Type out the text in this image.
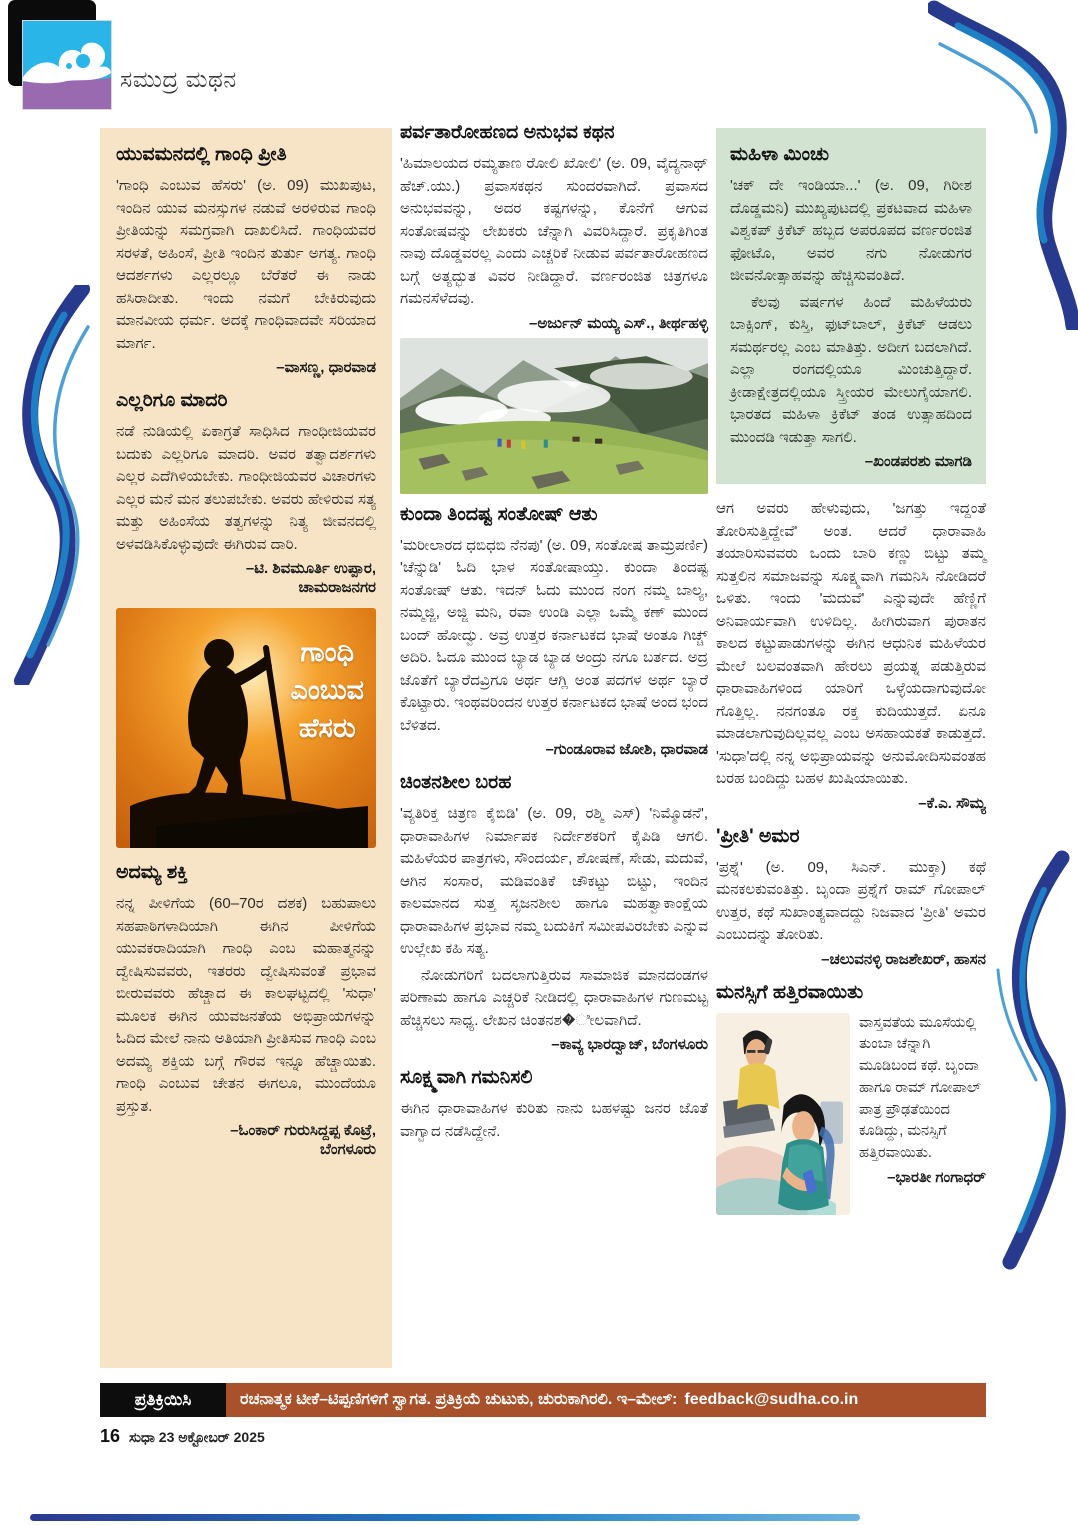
ಸಮುದ್ರ ಮಥನ
ಯುವಮನದಲ್ಲಿ ಗಾಂಧಿ ಪ್ರೀತಿ

'ಗಾಂಧಿ ಎಂಬುವ ಹೆಸರು' (ಅ. 09) ಮುಖಪುಟ, ಇಂದಿನ ಯುವ ಮನಸ್ಸುಗಳ ನಡುವೆ ಅರಳಿರುವ ಗಾಂಧಿ ಪ್ರೀತಿಯನ್ನು ಸಮಗ್ರವಾಗಿ ದಾಖಲಿಸಿದೆ. ಗಾಂಧಿಯವರ ಸರಳತೆ, ಅಹಿಂಸೆ, ಪ್ರೀತಿ ಇಂದಿನ ತುರ್ತು ಅಗತ್ಯ. ಗಾಂಧಿ ಆದರ್ಶಗಳು ಎಲ್ಲರಲ್ಲೂ ಬೆರೆತರೆ ಈ ನಾಡು ಹಸಿರಾದೀತು. ಇಂದು ನಮಗೆ ಬೇಕಿರುವುದು ಮಾನವೀಯ ಧರ್ಮ. ಅದಕ್ಕೆ ಗಾಂಧಿವಾದವೇ ಸರಿಯಾದ ಮಾರ್ಗ.

–ವಾಸಣ್ಣ, ಧಾರವಾಡ
ಎಲ್ಲರಿಗೂ ಮಾದರಿ

ನಡೆ ನುಡಿಯಲ್ಲಿ ಏಕಾಗ್ರತೆ ಸಾಧಿಸಿದ ಗಾಂಧೀಜಿಯವರ ಬದುಕು ಎಲ್ಲರಿಗೂ ಮಾದರಿ. ಅವರ ತತ್ವಾದರ್ಶಗಳು ಎಲ್ಲರ ಎದೆಗಿಳಿಯಬೇಕು. ಗಾಂಧೀಜಿಯವರ ವಿಚಾರಗಳು ಎಲ್ಲರ ಮನೆ ಮನ ತಲುಪಬೇಕು. ಅವರು ಹೇಳಿರುವ ಸತ್ಯ ಮತ್ತು ಅಹಿಂಸೆಯ ತತ್ವಗಳನ್ನು ನಿತ್ಯ ಜೀವನದಲ್ಲಿ ಅಳವಡಿಸಿಕೊಳ್ಳುವುದೇ ಈಗಿರುವ ದಾರಿ.

–ಟಿ. ಶಿವಮೂರ್ತಿ ಉಪ್ಪಾರ,
ಚಾಮರಾಜನಗರ
ಗಾಂಧಿ
ಎಂಬುವ
ಹೆಸರು
ಅದಮ್ಯ ಶಕ್ತಿ

ನನ್ನ ಪೀಳಿಗೆಯ (60–70ರ ದಶಕ) ಬಹುಪಾಲು ಸಹಪಾಠಿಗಳಾದಿಯಾಗಿ ಈಗಿನ ಪೀಳಿಗೆಯ ಯುವಕರಾದಿಯಾಗಿ ಗಾಂಧಿ ಎಂಬ ಮಹಾತ್ಮನನ್ನು ದ್ವೇಷಿಸುವವರು, ಇತರರು ದ್ವೇಷಿಸುವಂತೆ ಪ್ರಭಾವ ಬೀರುವವರು ಹೆಚ್ಚಾದ ಈ ಕಾಲಘಟ್ಟದಲ್ಲಿ 'ಸುಧಾ' ಮೂಲಕ ಈಗಿನ ಯುವಜನತೆಯ ಅಭಿಪ್ರಾಯಗಳನ್ನು ಓದಿದ ಮೇಲೆ ನಾನು ಅತಿಯಾಗಿ ಪ್ರೀತಿಸುವ ಗಾಂಧಿ ಎಂಬ ಅದಮ್ಯ ಶಕ್ತಿಯ ಬಗ್ಗೆ ಗೌರವ ಇನ್ನೂ ಹೆಚ್ಚಾಯಿತು. ಗಾಂಧಿ ಎಂಬುವ ಚೇತನ ಈಗಲೂ, ಮುಂದೆಯೂ ಪ್ರಸ್ತುತ.

–ಓಂಕಾರ್ ಗುರುಸಿದ್ದಪ್ಪ ಕೊಟ್ರೆ,
ಬೆಂಗಳೂರು
ಪರ್ವತಾರೋಹಣದ ಅನುಭವ ಕಥನ

'ಹಿಮಾಲಯದ ರಮ್ಯತಾಣ ರೋಲಿ ಖೋಲಿ' (ಅ. 09, ವೈದ್ಯನಾಥ್ ಹೆಚ್.ಯು.) ಪ್ರವಾಸಕಥನ ಸುಂದರವಾಗಿದೆ. ಪ್ರವಾಸದ ಅನುಭವವನ್ನು, ಅದರ ಕಷ್ಟಗಳನ್ನು, ಕೊನೆಗೆ ಆಗುವ ಸಂತೋಷವನ್ನು ಲೇಖಕರು ಚೆನ್ನಾಗಿ ವಿವರಿಸಿದ್ದಾರೆ. ಪ್ರಕೃತಿಗಿಂತ ನಾವು ದೊಡ್ಡವರಲ್ಲ ಎಂದು ಎಚ್ಚರಿಕೆ ನೀಡುವ ಪರ್ವತಾರೋಹಣದ ಬಗ್ಗೆ ಅತ್ಯದ್ಭುತ ವಿವರ ನೀಡಿದ್ದಾರೆ. ವರ್ಣರಂಜಿತ ಚಿತ್ರಗಳೂ ಗಮನಸೆಳೆದವು.

–ಅರ್ಜುನ್ ಮಯ್ಯ ಎಸ್., ತೀರ್ಥಹಳ್ಳಿ
ಕುಂದಾ ತಿಂದಷ್ಟ ಸಂತೋಷ್ ಆತು

'ಮರೀಲಾರದ ಧಬಿಧಬಿ ನೆನಪು' (ಅ. 09, ಸಂತೋಷ ತಾಮ್ರಪರ್ಣಿ) 'ಚೆನ್ನುಡಿ' ಓದಿ ಭಾಳ ಸಂತೋಷಾಯ್ತು. ಕುಂದಾ ತಿಂದಷ್ಟ ಸಂತೋಷ್ ಆತು. ಇದನ್ ಓದು ಮುಂದ ನಂಗ ನಮ್ಮ ಬಾಲ್ಯ, ನಮ್ಮಜ್ಜಿ, ಅಜ್ಜಿ ಮನಿ, ರವಾ ಉಂಡಿ ಎಲ್ಲಾ ಒಮ್ಮೆ ಕಣ್ ಮುಂದ ಬಂದ್ ಹೋದ್ವು. ಅವ್ರ ಉತ್ತರ ಕರ್ನಾಟಕದ ಭಾಷೆ ಅಂತೂ ಗಿಚ್ಚ್ ಅದಿರಿ. ಓದೂ ಮುಂದ ಬ್ಯಾಡ ಬ್ಯಾಡ ಅಂದ್ರು ನಗೂ ಬರ್ತದ. ಅದ್ರ ಜೊತೆಗೆ ಬ್ಯಾರೆದವ್ರಿಗೂ ಅರ್ಥ ಆಗ್ಲಿ ಅಂತ ಪದಗಳ ಅರ್ಥ ಬ್ಯಾರೆ ಕೊಟ್ಟಾರು. ಇಂಥವರಿಂದನ ಉತ್ತರ ಕರ್ನಾಟಕದ ಭಾಷೆ ಅಂದ ಭಂದ ಬೆಳಿತದ.

–ಗುಂಡೂರಾವ ಜೋಶಿ, ಧಾರವಾಡ
ಚಿಂತನಶೀಲ ಬರಹ

'ವ್ಯತಿರಿಕ್ತ ಚಿತ್ರಣ ಕೈಬಿಡಿ' (ಅ. 09, ರಶ್ಮಿ ಎಸ್) 'ನಿಮ್ಮೊಡನೆ', ಧಾರಾವಾಹಿಗಳ ನಿರ್ಮಾಪಕ ನಿರ್ದೇಶಕರಿಗೆ ಕೈಪಿಡಿ ಆಗಲಿ. ಮಹಿಳೆಯರ ಪಾತ್ರಗಳು, ಸೌಂದರ್ಯ, ಶೋಷಣೆ, ಸೇಡು, ಮದುವೆ, ಆಗಿನ ಸಂಸಾರ, ಮಡಿವಂತಿಕೆ ಚೌಕಟ್ಟು ಬಿಟ್ಟು, ಇಂದಿನ ಕಾಲಮಾನದ ಸುತ್ತ ಸೃಜನಶೀಲ ಹಾಗೂ ಮಹತ್ವಾಕಾಂಕ್ಷೆಯ ಧಾರಾವಾಹಿಗಳ ಪ್ರಭಾವ ನಮ್ಮ ಬದುಕಿಗೆ ಸಮೀಪವಿರಬೇಕು ಎನ್ನುವ ಉಲ್ಲೇಖ ಕಹಿ ಸತ್ಯ.

ನೋಡುಗರಿಗೆ ಬದಲಾಗುತ್ತಿರುವ ಸಾಮಾಜಿಕ ಮಾನದಂಡಗಳ ಪರಿಣಾಮ ಹಾಗೂ ಎಚ್ಚರಿಕೆ ನೀಡಿದಲ್ಲಿ ಧಾರಾವಾಹಿಗಳ ಗುಣಮಟ್ಟ ಹೆಚ್ಚಿಸಲು ಸಾಧ್ಯ. ಲೇಖನ ಚಿಂತನಶ�ೀಲವಾಗಿದೆ.

–ಕಾವ್ಯ ಭಾರದ್ವಾಜ್, ಬೆಂಗಳೂರು
ಸೂಕ್ಷ್ಮವಾಗಿ ಗಮನಿಸಲಿ

ಈಗಿನ ಧಾರಾವಾಹಿಗಳ ಕುರಿತು ನಾನು ಬಹಳಷ್ಟು ಜನರ ಜೊತೆ ವಾಗ್ವಾದ ನಡೆಸಿದ್ದೇನೆ.

ಮಹಿಳಾ ಮಿಂಚು

'ಚಕ್ ದೇ ಇಂಡಿಯಾ...' (ಅ. 09, ಗಿರೀಶ ದೊಡ್ಡಮನಿ) ಮುಖ್ಯಪುಟದಲ್ಲಿ ಪ್ರಕಟವಾದ ಮಹಿಳಾ ವಿಶ್ವಕಪ್ ಕ್ರಿಕೆಟ್ ಹಬ್ಬದ ಅಪರೂಪದ ವರ್ಣರಂಜಿತ ಫೋಟೊ, ಅವರ ನಗು ನೋಡುಗರ ಜೀವನೋತ್ಸಾಹವನ್ನು ಹೆಚ್ಚಿಸುವಂತಿದೆ.

ಕೆಲವು ವರ್ಷಗಳ ಹಿಂದೆ ಮಹಿಳೆಯರು ಬಾಕ್ಸಿಂಗ್, ಕುಸ್ತಿ, ಫುಟ್‌ಬಾಲ್, ಕ್ರಿಕೆಟ್ ಆಡಲು ಸಮರ್ಥರಲ್ಲ ಎಂಬ ಮಾತಿತ್ತು. ಅದೀಗ ಬದಲಾಗಿದೆ. ಎಲ್ಲಾ ರಂಗದಲ್ಲಿಯೂ ಮಿಂಚುತ್ತಿದ್ದಾರೆ. ಕ್ರೀಡಾಕ್ಷೇತ್ರದಲ್ಲಿಯೂ ಸ್ತ್ರೀಯರ ಮೇಲುಗೈಯಾಗಲಿ. ಭಾರತದ ಮಹಿಳಾ ಕ್ರಿಕೆಟ್ ತಂಡ ಉತ್ಸಾಹದಿಂದ ಮುಂದಡಿ ಇಡುತ್ತಾ ಸಾಗಲಿ.

–ಖಂಡಪರಶು ಮಾಗಡಿ

ಆಗ ಅವರು ಹೇಳುವುದು, 'ಜಗತ್ತು ಇದ್ದಂತೆ ತೋರಿಸುತ್ತಿದ್ದೇವೆ' ಅಂತ. ಆದರೆ ಧಾರಾವಾಹಿ ತಯಾರಿಸುವವರು ಒಂದು ಬಾರಿ ಕಣ್ಣು ಬಿಟ್ಟು ತಮ್ಮ ಸುತ್ತಲಿನ ಸಮಾಜವನ್ನು ಸೂಕ್ಷ್ಮವಾಗಿ ಗಮನಿಸಿ ನೋಡಿದರೆ ಒಳಿತು. ಇಂದು 'ಮದುವೆ' ಎನ್ನುವುದೇ ಹೆಣ್ಣಿಗೆ ಅನಿವಾರ್ಯವಾಗಿ ಉಳಿದಿಲ್ಲ. ಹೀಗಿರುವಾಗ ಪುರಾತನ ಕಾಲದ ಕಟ್ಟುಪಾಡುಗಳನ್ನು ಈಗಿನ ಆಧುನಿಕ ಮಹಿಳೆಯರ ಮೇಲೆ ಬಲವಂತವಾಗಿ ಹೇರಲು ಪ್ರಯತ್ನ ಪಡುತ್ತಿರುವ ಧಾರಾವಾಹಿಗಳಿಂದ ಯಾರಿಗೆ ಒಳ್ಳೆಯದಾಗುವುದೋ ಗೊತ್ತಿಲ್ಲ. ನನಗಂತೂ ರಕ್ತ ಕುದಿಯುತ್ತದೆ. ಏನೂ ಮಾಡಲಾಗುವುದಿಲ್ಲವಲ್ಲ ಎಂಬ ಅಸಹಾಯಕತೆ ಕಾಡುತ್ತದೆ. 'ಸುಧಾ'ದಲ್ಲಿ ನನ್ನ ಅಭಿಪ್ರಾಯವನ್ನು ಅನುಮೋದಿಸುವಂತಹ ಬರಹ ಬಂದಿದ್ದು ಬಹಳ ಖುಷಿಯಾಯಿತು.

–ಕೆ.ಎ. ಸೌಮ್ಯ
'ಪ್ರೀತಿ' ಅಮರ

'ಪ್ರಶ್ನೆ' (ಅ. 09, ಸಿಎನ್. ಮುಕ್ತಾ) ಕಥೆ ಮನಕಲಕುವಂತಿತ್ತು. ಬೃಂದಾ ಪ್ರಶ್ನೆಗೆ ರಾಮ್ ಗೋಪಾಲ್ ಉತ್ತರ, ಕಥೆ ಸುಖಾಂತ್ಯವಾದದ್ದು ನಿಜವಾದ 'ಪ್ರೀತಿ' ಅಮರ ಎಂಬುದನ್ನು ತೋರಿತು.

–ಚಲುವನಳ್ಳಿ ರಾಜಶೇಖರ್, ಹಾಸನ
ಮನಸ್ಸಿಗೆ ಹತ್ತಿರವಾಯಿತು

ವಾಸ್ತವತೆಯ ಮೂಸೆಯಲ್ಲಿ ತುಂಬಾ ಚೆನ್ನಾಗಿ ಮೂಡಿಬಂದ ಕಥೆ. ಬೃಂದಾ ಹಾಗೂ ರಾಮ್ ಗೋಪಾಲ್ ಪಾತ್ರ ಪ್ರೌಢತೆಯಿಂದ ಕೂಡಿದ್ದು, ಮನಸ್ಸಿಗೆ ಹತ್ತಿರವಾಯಿತು.

–ಭಾರತೀ ಗಂಗಾಧರ್
ಪ್ರತಿಕ್ರಿಯಿಸಿ	ರಚನಾತ್ಮಕ ಟೀಕೆ–ಟಿಪ್ಪಣಿಗಳಿಗೆ ಸ್ವಾಗತ. ಪ್ರತಿಕ್ರಿಯೆ ಚುಟುಕು, ಚುರುಕಾಗಿರಲಿ. ಇ–ಮೇಲ್: feedback@sudha.co.in
16 ಸುಧಾ 23 ಅಕ್ಟೋಬರ್ 2025
